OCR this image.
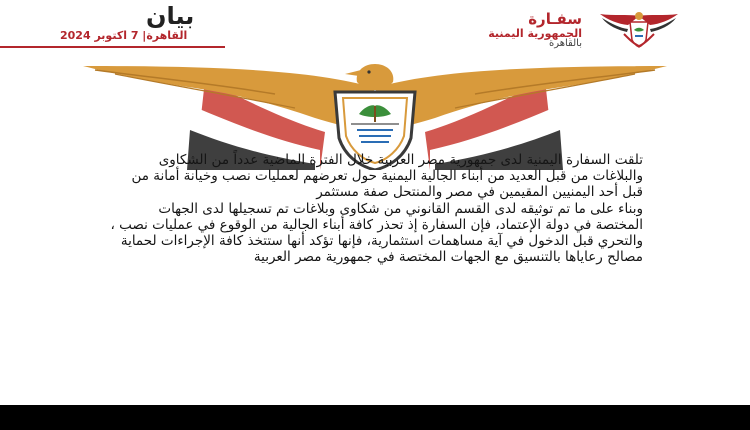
سفـارة
الجمهورية اليمنية
بالقاهرة
بيان
القاهرة| 7 اكتوبر 2024

تلقت السفارة اليمنية لدى جمهورية مصر العربية خلال الفترة الماضية عدداً من الشكاوى والبلاغات من قبل العديد من أبناء الجالية اليمنية حول تعرضهم لعمليات نصب وخيانة أمانة من قبل أحد اليمنيين المقيمين في مصر والمنتحل صفة مستثمر

وبناء على ما تم توثيقه لدى القسم القانوني من شكاوى وبلاغات تم تسجيلها لدى الجهات المختصة في دولة الإعتماد، فإن السفارة إذ تحذر كافة أبناء الجالية من الوقوع في عمليات نصب ، والتحري قبل الدخول في آية مساهمات استثمارية، فإنها تؤكد أنها ستتخذ كافة الإجراءات لحماية مصالح رعاياها بالتنسيق مع الجهات المختصة في جمهورية مصر العربية
